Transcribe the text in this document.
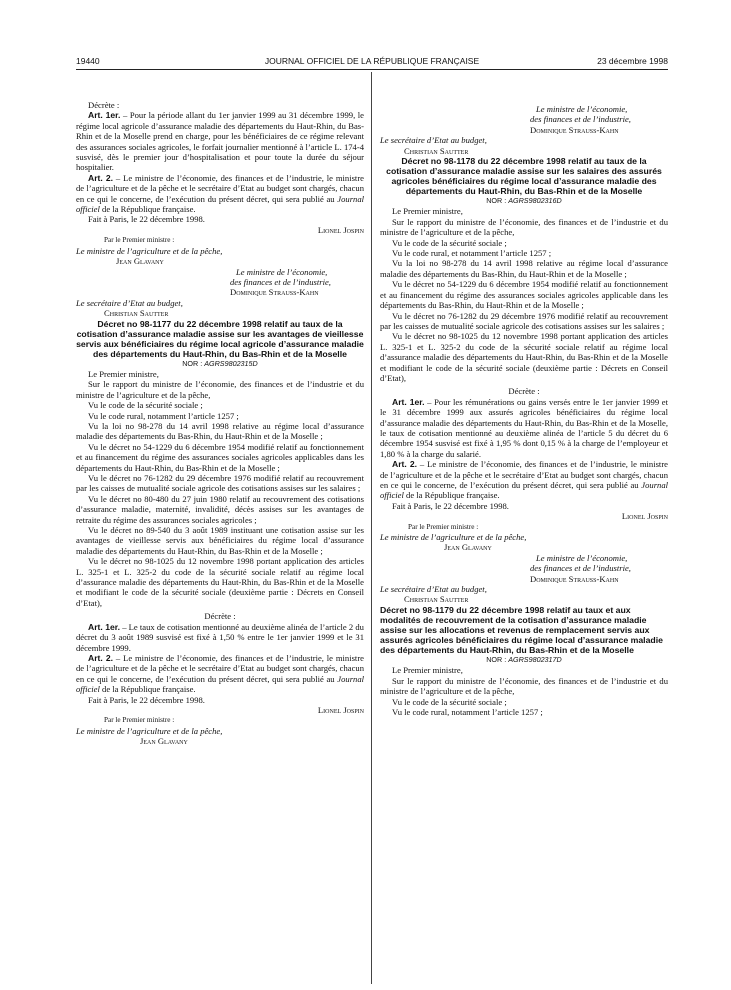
19440	JOURNAL OFFICIEL DE LA RÉPUBLIQUE FRANÇAISE	23 décembre 1998

Décrète :

Art. 1er. – Pour la période allant du 1er janvier 1999 au 31 décembre 1999, le régime local agricole d’assurance maladie des départements du Haut-Rhin, du Bas-Rhin et de la Moselle prend en charge, pour les bénéficiaires de ce régime relevant des assurances sociales agricoles, le forfait journalier mentionné à l’article L. 174-4 susvisé, dès le premier jour d’hospitalisation et pour toute la durée du séjour hospitalier.

Art. 2. – Le ministre de l’économie, des finances et de l’industrie, le ministre de l’agriculture et de la pêche et le secrétaire d’Etat au budget sont chargés, chacun en ce qui le concerne, de l’exécution du présent décret, qui sera publié au Journal officiel de la République française.

Fait à Paris, le 22 décembre 1998.

Lionel Jospin

Par le Premier ministre :

Le ministre de l’agriculture et de la pêche,

Jean Glavany

Le ministre de l’économie,

des finances et de l’industrie,

Dominique Strauss-Kahn

Le secrétaire d’Etat au budget,

Christian Sautter

Décret no 98-1177 du 22 décembre 1998 relatif au taux de la cotisation d’assurance maladie assise sur les avantages de vieillesse servis aux bénéficiaires du régime local agricole d’assurance maladie des départements du Haut-Rhin, du Bas-Rhin et de la Moselle

NOR : AGRS9802315D

Le Premier ministre,

Sur le rapport du ministre de l’économie, des finances et de l’industrie et du ministre de l’agriculture et de la pêche,

Vu le code de la sécurité sociale ;

Vu le code rural, notamment l’article 1257 ;

Vu la loi no 98-278 du 14 avril 1998 relative au régime local d’assurance maladie des départements du Bas-Rhin, du Haut-Rhin et de la Moselle ;

Vu le décret no 54-1229 du 6 décembre 1954 modifié relatif au fonctionnement et au financement du régime des assurances sociales agricoles applicables dans les départements du Haut-Rhin, du Bas-Rhin et de la Moselle ;

Vu le décret no 76-1282 du 29 décembre 1976 modifié relatif au recouvrement par les caisses de mutualité sociale agricole des cotisations assises sur les salaires ;

Vu le décret no 80-480 du 27 juin 1980 relatif au recouvrement des cotisations d’assurance maladie, maternité, invalidité, décès assises sur les avantages de retraite du régime des assurances sociales agricoles ;

Vu le décret no 89-540 du 3 août 1989 instituant une cotisation assise sur les avantages de vieillesse servis aux bénéficiaires du régime local d’assurance maladie des départements du Haut-Rhin, du Bas-Rhin et de la Moselle ;

Vu le décret no 98-1025 du 12 novembre 1998 portant application des articles L. 325-1 et L. 325-2 du code de la sécurité sociale relatif au régime local d’assurance maladie des départements du Haut-Rhin, du Bas-Rhin et de la Moselle et modifiant le code de la sécurité sociale (deuxième partie : Décrets en Conseil d’Etat),

Décrète :

Art. 1er. – Le taux de cotisation mentionné au deuxième alinéa de l’article 2 du décret du 3 août 1989 susvisé est fixé à 1,50 % entre le 1er janvier 1999 et le 31 décembre 1999.

Art. 2. – Le ministre de l’économie, des finances et de l’industrie, le ministre de l’agriculture et de la pêche et le secrétaire d’Etat au budget sont chargés, chacun en ce qui le concerne, de l’exécution du présent décret, qui sera publié au Journal officiel de la République française.

Fait à Paris, le 22 décembre 1998.

Lionel Jospin

Par le Premier ministre :

Le ministre de l’agriculture et de la pêche,

Jean Glavany

Le ministre de l’économie,

des finances et de l’industrie,

Dominique Strauss-Kahn

Le secrétaire d’Etat au budget,

Christian Sautter

Décret no 98-1178 du 22 décembre 1998 relatif au taux de la cotisation d’assurance maladie assise sur les salaires des assurés agricoles bénéficiaires du régime local d’assurance maladie des départements du Haut-Rhin, du Bas-Rhin et de la Moselle

NOR : AGRS9802316D

Le Premier ministre,

Sur le rapport du ministre de l’économie, des finances et de l’industrie et du ministre de l’agriculture et de la pêche,

Vu le code de la sécurité sociale ;

Vu le code rural, et notamment l’article 1257 ;

Vu la loi no 98-278 du 14 avril 1998 relative au régime local d’assurance maladie des départements du Bas-Rhin, du Haut-Rhin et de la Moselle ;

Vu le décret no 54-1229 du 6 décembre 1954 modifié relatif au fonctionnement et au financement du régime des assurances sociales agricoles applicable dans les départements du Bas-Rhin, du Haut-Rhin et de la Moselle ;

Vu le décret no 76-1282 du 29 décembre 1976 modifié relatif au recouvrement par les caisses de mutualité sociale agricole des cotisations assises sur les salaires ;

Vu le décret no 98-1025 du 12 novembre 1998 portant application des articles L. 325-1 et L. 325-2 du code de la sécurité sociale relatif au régime local d’assurance maladie des départements du Haut-Rhin, du Bas-Rhin et de la Moselle et modifiant le code de la sécurité sociale (deuxième partie : Décrets en Conseil d’Etat),

Décrète :

Art. 1er. – Pour les rémunérations ou gains versés entre le 1er janvier 1999 et le 31 décembre 1999 aux assurés agricoles bénéficiaires du régime local d’assurance maladie des départements du Haut-Rhin, du Bas-Rhin et de la Moselle, le taux de cotisation mentionné au deuxième alinéa de l’article 5 du décret du 6 décembre 1954 susvisé est fixé à 1,95 % dont 0,15 % à la charge de l’employeur et 1,80 % à la charge du salarié.

Art. 2. – Le ministre de l’économie, des finances et de l’industrie, le ministre de l’agriculture et de la pêche et le secrétaire d’Etat au budget sont chargés, chacun en ce qui le concerne, de l’exécution du présent décret, qui sera publié au Journal officiel de la République française.

Fait à Paris, le 22 décembre 1998.

Lionel Jospin

Par le Premier ministre :

Le ministre de l’agriculture et de la pêche,

Jean Glavany

Le ministre de l’économie,

des finances et de l’industrie,

Dominique Strauss-Kahn

Le secrétaire d’Etat au budget,

Christian Sautter

Décret no 98-1179 du 22 décembre 1998 relatif au taux et aux modalités de recouvrement de la cotisation d’assurance maladie assise sur les allocations et revenus de remplacement servis aux assurés agricoles bénéficiaires du régime local d’assurance maladie des départements du Haut-Rhin, du Bas-Rhin et de la Moselle

NOR : AGRS9802317D

Le Premier ministre,

Sur le rapport du ministre de l’économie, des finances et de l’industrie et du ministre de l’agriculture et de la pêche,

Vu le code de la sécurité sociale ;

Vu le code rural, notamment l’article 1257 ;
